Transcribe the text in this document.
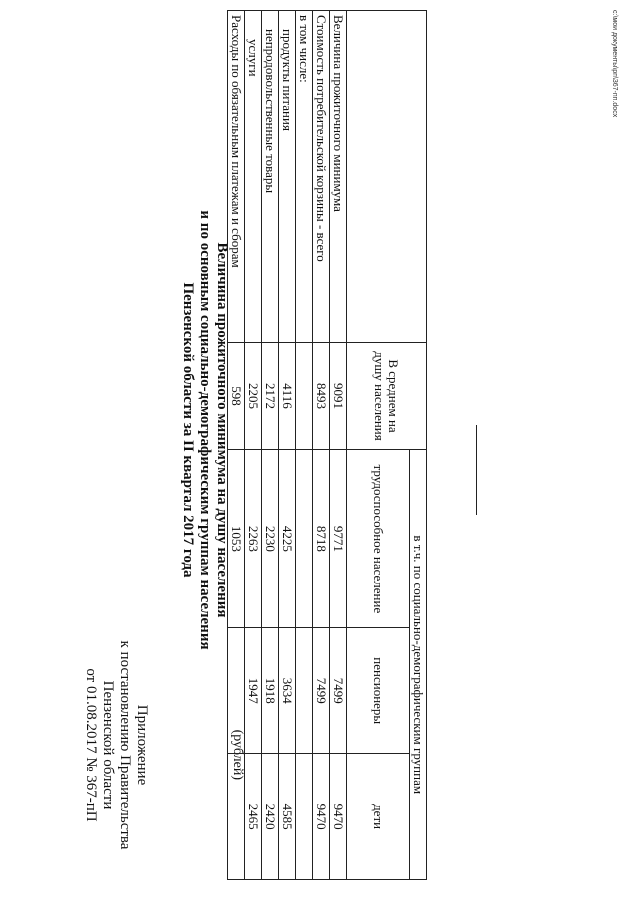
Приложение
к постановлению Правительства
Пензенской области
от 01.08.2017 № 367-пП
Величина прожиточного минимума на душу населения
и по основным социально-демографическим группам населения
Пензенской области за II квартал 2017 года
(рублей)
	В среднем на душу населения	в т.ч. по социально-демографическим группам		
		трудоспособное население	пенсионеры	дети
Величина прожиточного минимума	9091	9771	7499	9470
Стоимость потребительской корзины - всего	8493	8718	7499	9470
в том числе:				
продукты питания	4116	4225	3634	4585
непродовольственные товары	2172	2230	1918	2420
услуги	2205	2263	1947	2465
Расходы по обязательным платежам и сборам	598	1053		
c:\мои документы\рп\367-пп.docx
